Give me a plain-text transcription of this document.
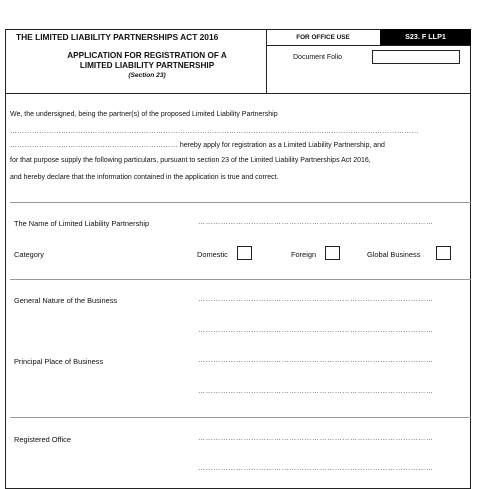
THE LIMITED LIABILITY PARTNERSHIPS ACT 2016
APPLICATION FOR REGISTRATION OF A
LIMITED LIABILITY PARTNERSHIP
(Section 23)
FOR OFFICE USE	S23. F LLP1
Document Folio
We, the undersigned, being the partner(s) of the proposed Limited Liability Partnership
……………………………………………………………………………………………………………………………………………………
…………………………………………………………… hereby apply for registration as a Limited Liability Partnership, and
for that purpose supply the following particulars, pursuant to section 23 of the Limited Liability Partnerships Act 2016,
and hereby declare that the information contained in the application is true and correct.
The Name of Limited Liability Partnership	…………………………………………………………………………………
Category	Domestic	Foreign	Global Business
General Nature of the Business	…………………………………………………………………………………
…………………………………………………………………………………
Principal Place of Business	…………………………………………………………………………………
…………………………………………………………………………………
Registered Office	…………………………………………………………………………………
…………………………………………………………………………………
